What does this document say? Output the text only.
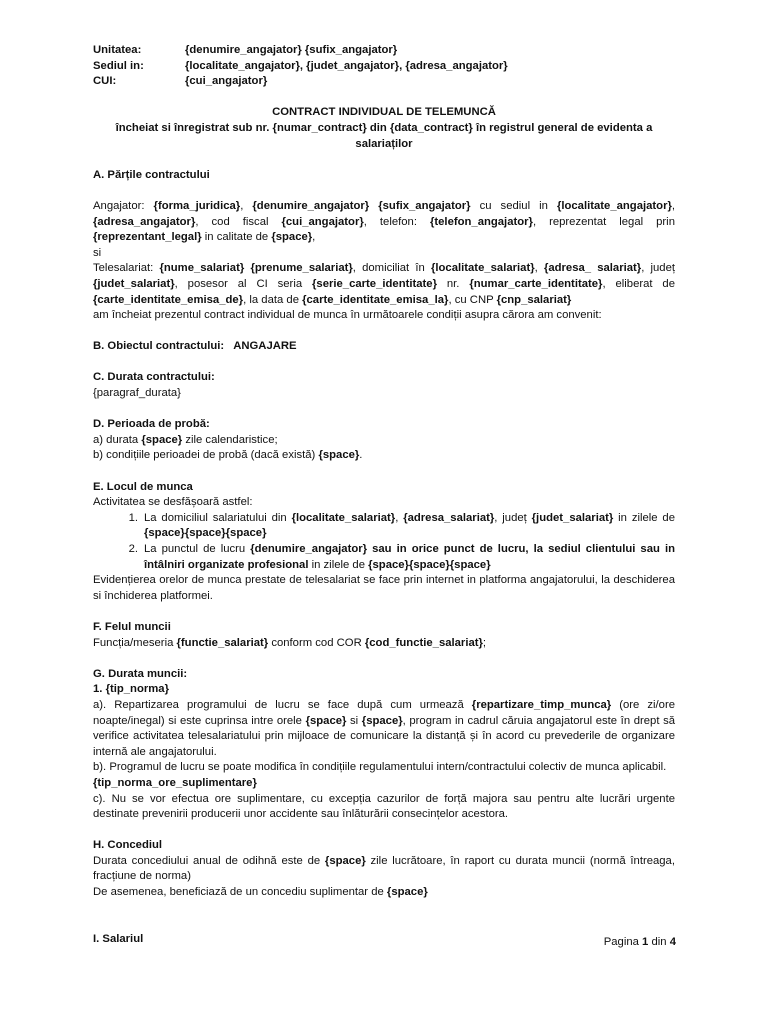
Unitatea:	{denumire_angajator} {sufix_angajator}
Sediul in:	{localitate_angajator}, {judet_angajator}, {adresa_angajator}
CUI:	{cui_angajator}
CONTRACT INDIVIDUAL DE TELEMUNCĂ
încheiat si înregistrat sub nr. {numar_contract} din {data_contract} în registrul general de evidenta a salariaților
A. Părțile contractului
Angajator: {forma_juridica}, {denumire_angajator} {sufix_angajator} cu sediul in {localitate_angajator}, {adresa_angajator}, cod fiscal {cui_angajator}, telefon: {telefon_angajator}, reprezentat legal prin {reprezentant_legal} in calitate de {space},
si
Telesalariat: {nume_salariat} {prenume_salariat}, domiciliat în {localitate_salariat}, {adresa_ salariat}, județ {judet_salariat}, posesor al CI seria {serie_carte_identitate} nr. {numar_carte_identitate}, eliberat de {carte_identitate_emisa_de}, la data de {carte_identitate_emisa_la}, cu CNP {cnp_salariat}
am încheiat prezentul contract individual de munca în următoarele condiții asupra cărora am convenit:
B. Obiectul contractului: ANGAJARE
C. Durata contractului:
{paragraf_durata}
D. Perioada de probă:
a) durata {space} zile calendaristice;
b) condițiile perioadei de probă (dacă există) {space}.
E. Locul de munca
Activitatea se desfășoară astfel:
1. La domiciliul salariatului din {localitate_salariat}, {adresa_salariat}, județ {judet_salariat} in zilele de {space}{space}{space}
2. La punctul de lucru {denumire_angajator} sau in orice punct de lucru, la sediul clientului sau in întâlniri organizate profesional in zilele de {space}{space}{space}
Evidențierea orelor de munca prestate de telesalariat se face prin internet in platforma angajatorului, la deschiderea si închiderea platformei.
F. Felul muncii
Funcția/meseria {functie_salariat} conform cod COR {cod_functie_salariat};
G. Durata muncii:
1. {tip_norma}
a). Repartizarea programului de lucru se face după cum urmează {repartizare_timp_munca} (ore zi/ore noapte/inegal) si este cuprinsa intre orele {space} si {space}, program in cadrul căruia angajatorul este în drept să verifice activitatea telesalariatului prin mijloace de comunicare la distanță și în acord cu prevederile de organizare internă ale angajatorului.
b). Programul de lucru se poate modifica în condițiile regulamentului intern/contractului colectiv de munca aplicabil.
{tip_norma_ore_suplimentare}
c). Nu se vor efectua ore suplimentare, cu excepția cazurilor de forță majora sau pentru alte lucrări urgente destinate prevenirii producerii unor accidente sau înlăturării consecințelor acestora.
H. Concediul
Durata concediului anual de odihnă este de {space} zile lucrătoare, în raport cu durata muncii (normă întreaga, fracțiune de norma)
De asemenea, beneficiază de un concediu suplimentar de {space}
I. Salariul	Pagina 1 din 4
